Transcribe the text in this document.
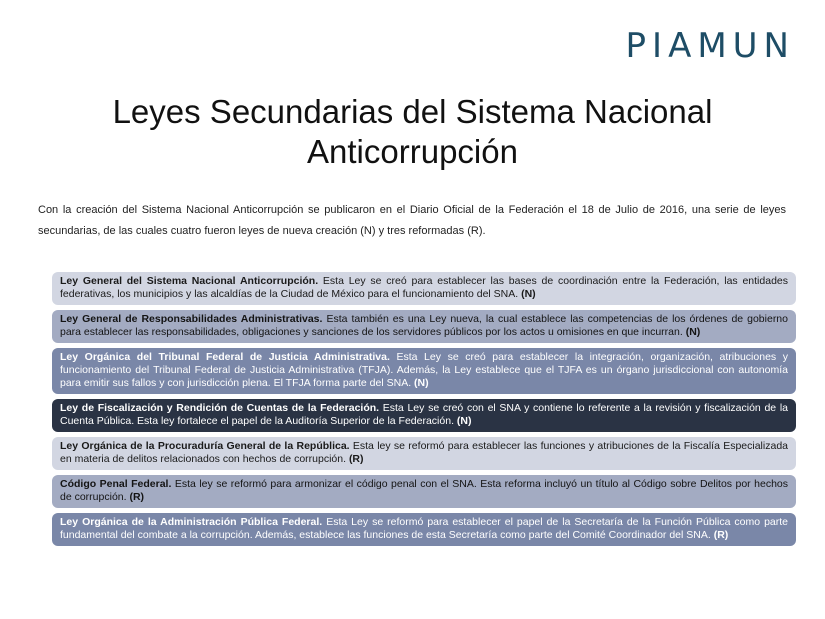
PIAMUN
Leyes Secundarias del Sistema Nacional
Anticorrupción

Con la creación del Sistema Nacional Anticorrupción se publicaron en el Diario Oficial de la Federación el 18 de Julio de 2016, una serie de leyes secundarias, de las cuales cuatro fueron leyes de nueva creación (N) y tres reformadas (R).

Ley General del Sistema Nacional Anticorrupción. Esta Ley se creó para establecer las bases de coordinación entre la Federación, las entidades federativas, los municipios y las alcaldías de la Ciudad de México para el funcionamiento del SNA. (N)
Ley General de Responsabilidades Administrativas. Esta también es una Ley nueva, la cual establece las competencias de los órdenes de gobierno para establecer las responsabilidades, obligaciones y sanciones de los servidores públicos por los actos u omisiones en que incurran. (N)
Ley Orgánica del Tribunal Federal de Justicia Administrativa. Esta Ley se creó para establecer la integración, organización, atribuciones y funcionamiento del Tribunal Federal de Justicia Administrativa (TFJA). Además, la Ley establece que el TJFA es un órgano jurisdiccional con autonomía para emitir sus fallos y con jurisdicción plena. El TFJA forma parte del SNA. (N)
Ley de Fiscalización y Rendición de Cuentas de la Federación. Esta Ley se creó con el SNA y contiene lo referente a la revisión y fiscalización de la Cuenta Pública. Esta ley fortalece el papel de la Auditoría Superior de la Federación. (N)
Ley Orgánica de la Procuraduría General de la República. Esta ley se reformó para establecer las funciones y atribuciones de la Fiscalía Especializada en materia de delitos relacionados con hechos de corrupción. (R)
Código Penal Federal. Esta ley se reformó para armonizar el código penal con el SNA. Esta reforma incluyó un título al Código sobre Delitos por hechos de corrupción. (R)
Ley Orgánica de la Administración Pública Federal. Esta Ley se reformó para establecer el papel de la Secretaría de la Función Pública como parte fundamental del combate a la corrupción. Además, establece las funciones de esta Secretaría como parte del Comité Coordinador del SNA. (R)
